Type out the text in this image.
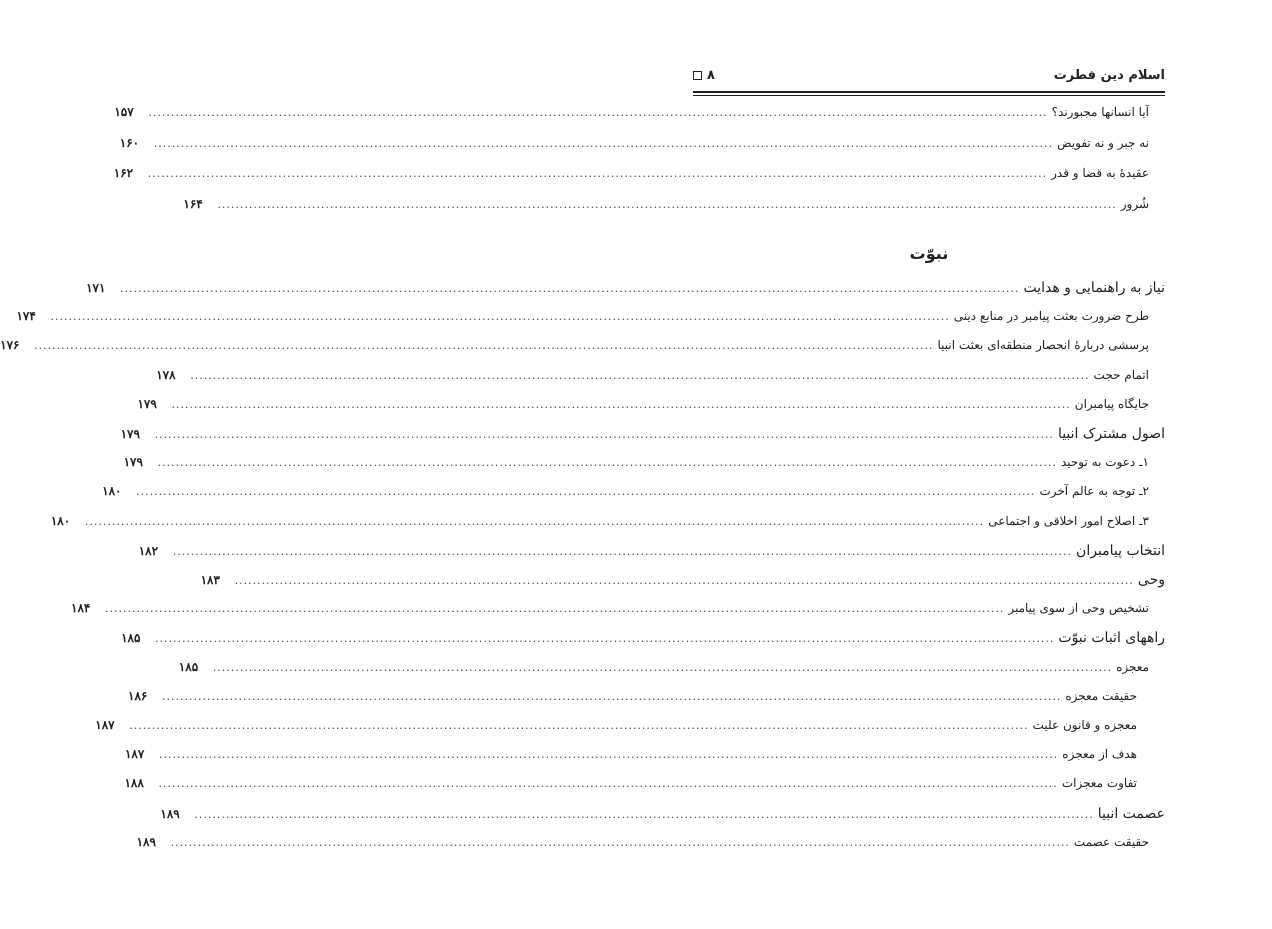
اسلام دین فطرت
۸
آیا انسانها مجبورند؟
........................................................................................................................................................................................................
۱۵۷
نه جبر و نه تفویض
........................................................................................................................................................................................................
۱۶۰
عقیدۀ به قضا و قدر
........................................................................................................................................................................................................
۱۶۲
شُرور
........................................................................................................................................................................................................
۱۶۴
نبوّت
نیاز به راهنمایی و هدایت
........................................................................................................................................................................................................
۱۷۱
طرح ضرورت بعثت پیامبر در منابع دینی
........................................................................................................................................................................................................
۱۷۴
پرسشی دربارۀ انحصار منطقه‌ای بعثت انبیا
........................................................................................................................................................................................................
۱۷۶
اتمام حجت
........................................................................................................................................................................................................
۱۷۸
جایگاه پیامبران
........................................................................................................................................................................................................
۱۷۹
اصول مشترک انبیا
........................................................................................................................................................................................................
۱۷۹
۱ـ دعوت به توحید
........................................................................................................................................................................................................
۱۷۹
۲ـ توجه به عالم آخرت
........................................................................................................................................................................................................
۱۸۰
۳ـ اصلاح امور اخلاقی و اجتماعی
........................................................................................................................................................................................................
۱۸۰
انتخاب پیامبران
........................................................................................................................................................................................................
۱۸۲
وحی
........................................................................................................................................................................................................
۱۸۳
تشخیص وحی از سوی پیامبر
........................................................................................................................................................................................................
۱۸۴
راههای اثبات نبوّت
........................................................................................................................................................................................................
۱۸۵
معجزه
........................................................................................................................................................................................................
۱۸۵
حقیقت معجزه
........................................................................................................................................................................................................
۱۸۶
معجزه و قانون علیت
........................................................................................................................................................................................................
۱۸۷
هدف از معجزه
........................................................................................................................................................................................................
۱۸۷
تفاوت معجزات
........................................................................................................................................................................................................
۱۸۸
عصمت انبیا
........................................................................................................................................................................................................
۱۸۹
حقیقت عصمت
........................................................................................................................................................................................................
۱۸۹
